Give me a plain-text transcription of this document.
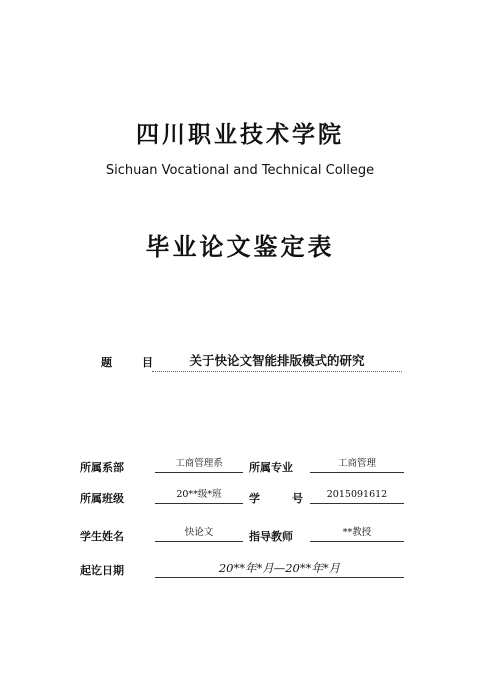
四川职业技术学院
Sichuan Vocational and Technical College
毕业论文鉴定表
题	目	关于快论文智能排版模式的研究
所属系部	工商管理系	所属专业	工商管理
所属班级	20**级*班	学	号	2015091612
学生姓名	快论文	指导教师	**教授
起讫日期	20**年*月—20**年*月
